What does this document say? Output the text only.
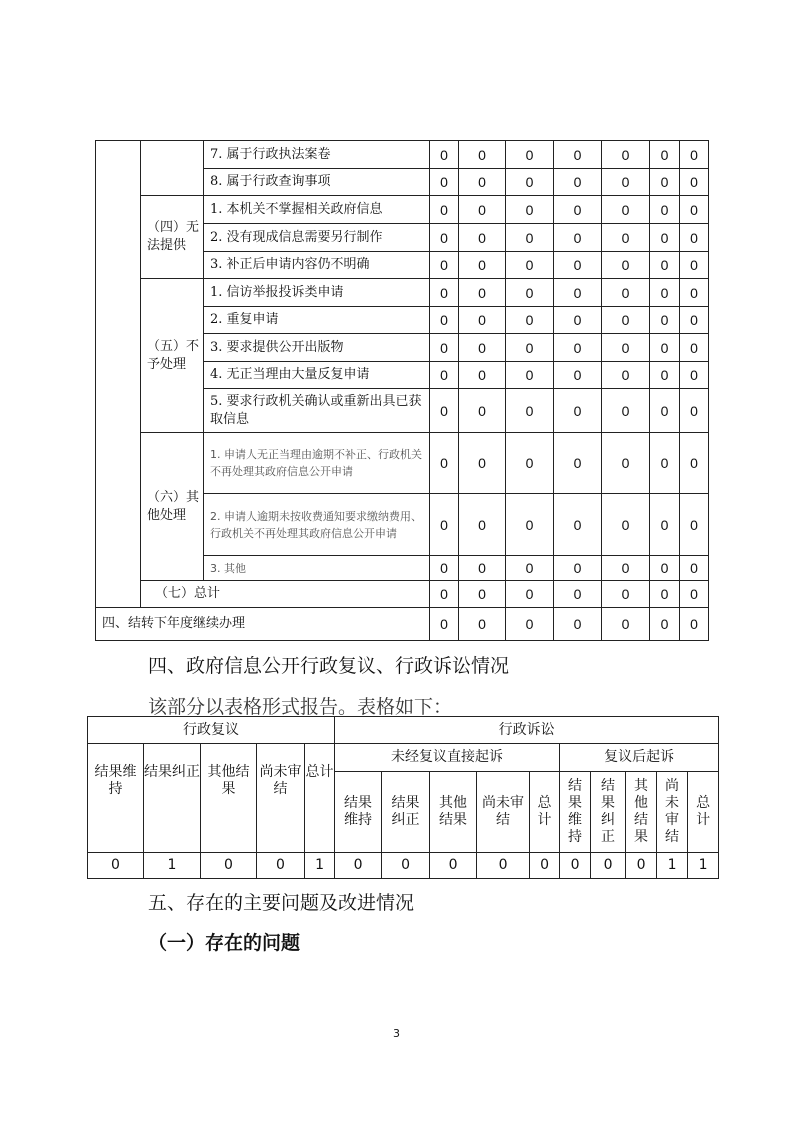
		7. 属于行政执法案卷	0	0	0	0	0	0	0
		8. 属于行政查询事项	0	0	0	0	0	0	0
	（四）无法提供	1. 本机关不掌握相关政府信息	0	0	0	0	0	0	0
		2. 没有现成信息需要另行制作	0	0	0	0	0	0	0
		3. 补正后申请内容仍不明确	0	0	0	0	0	0	0
	（五）不予处理	1. 信访举报投诉类申请	0	0	0	0	0	0	0
		2. 重复申请	0	0	0	0	0	0	0
		3. 要求提供公开出版物	0	0	0	0	0	0	0
		4. 无正当理由大量反复申请	0	0	0	0	0	0	0
		5. 要求行政机关确认或重新出具已获取信息	0	0	0	0	0	0	0
	（六）其他处理	1. 申请人无正当理由逾期不补正、行政机关不再处理其政府信息公开申请	0	0	0	0	0	0	0
		2. 申请人逾期未按收费通知要求缴纳费用、行政机关不再处理其政府信息公开申请	0	0	0	0	0	0	0
		3. 其他	0	0	0	0	0	0	0
	（七）总计		0	0	0	0	0	0	0
四、结转下年度继续办理			0	0	0	0	0	0	0
四、政府信息公开行政复议、行政诉讼情况
该部分以表格形式报告。表格如下：
行政复议					行政诉讼									
结果维持	结果纠正	其他结果	尚未审结	总计	未经复议直接起诉					复议后起诉				
					结果维持	结果纠正	其他结果	尚未审结	总计	结果维持	结果纠正	其他结果	尚未审结	总计
0	1	0	0	1	0	0	0	0	0	0	0	0	1	1
五、存在的主要问题及改进情况
（一）存在的问题
3
